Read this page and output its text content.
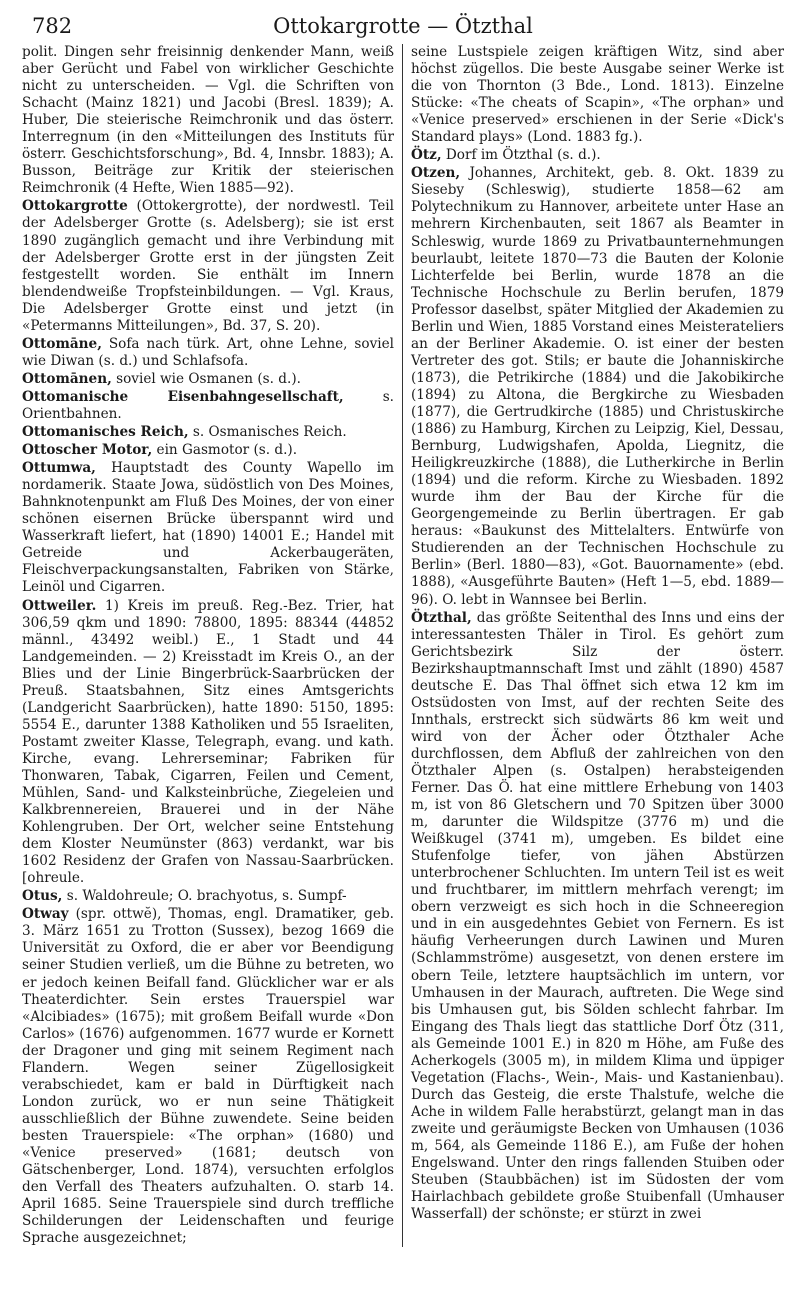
782	Ottokargrotte — Ötzthal

polit. Dingen sehr freisinnig denkender Mann, weiß aber Gerücht und Fabel von wirklicher Geschichte nicht zu unterscheiden. — Vgl. die Schriften von Schacht (Mainz 1821) und Jacobi (Bresl. 1839); A. Huber, Die steierische Reimchronik und das österr. Interregnum (in den «Mitteilungen des Instituts für österr. Geschichtsforschung», Bd. 4, Innsbr. 1883); A. Busson, Beiträge zur Kritik der steierischen Reimchronik (4 Hefte, Wien 1885—92).

Ottokargrotte (Ottokergrotte), der nordwestl. Teil der Adelsberger Grotte (s. Adelsberg); sie ist erst 1890 zugänglich gemacht und ihre Verbindung mit der Adelsberger Grotte erst in der jüngsten Zeit festgestellt worden. Sie enthält im Innern blendendweiße Tropfsteinbildungen. — Vgl. Kraus, Die Adelsberger Grotte einst und jetzt (in «Petermanns Mitteilungen», Bd. 37, S. 20).

Ottomāne, Sofa nach türk. Art, ohne Lehne, soviel wie Diwan (s. d.) und Schlafsofa.

Ottomānen, soviel wie Osmanen (s. d.).

Ottomanische Eisenbahngesellschaft, s. Orientbahnen.

Ottomanisches Reich, s. Osmanisches Reich.

Ottoscher Motor, ein Gasmotor (s. d.).

Ottumwa, Hauptstadt des County Wapello im nordamerik. Staate Jowa, südöstlich von Des Moines, Bahnknotenpunkt am Fluß Des Moines, der von einer schönen eisernen Brücke überspannt wird und Wasserkraft liefert, hat (1890) 14001 E.; Handel mit Getreide und Ackerbaugeräten, Fleischverpackungsanstalten, Fabriken von Stärke, Leinöl und Cigarren.

Ottweiler. 1) Kreis im preuß. Reg.-Bez. Trier, hat 306,59 qkm und 1890: 78800, 1895: 88344 (44852 männl., 43492 weibl.) E., 1 Stadt und 44 Landgemeinden. — 2) Kreisstadt im Kreis O., an der Blies und der Linie Bingerbrück-Saarbrücken der Preuß. Staatsbahnen, Sitz eines Amtsgerichts (Landgericht Saarbrücken), hatte 1890: 5150, 1895: 5554 E., darunter 1388 Katholiken und 55 Israeliten, Postamt zweiter Klasse, Telegraph, evang. und kath. Kirche, evang. Lehrerseminar; Fabriken für Thonwaren, Tabak, Cigarren, Feilen und Cement, Mühlen, Sand- und Kalksteinbrüche, Ziegeleien und Kalkbrennereien, Brauerei und in der Nähe Kohlengruben. Der Ort, welcher seine Entstehung dem Kloster Neumünster (863) verdankt, war bis 1602 Residenz der Grafen von Nassau-Saarbrücken. [ohreule.

Otus, s. Waldohreule; O. brachyotus, s. Sumpf-

Otway (spr. ottwĕ), Thomas, engl. Dramatiker, geb. 3. März 1651 zu Trotton (Sussex), bezog 1669 die Universität zu Oxford, die er aber vor Beendigung seiner Studien verließ, um die Bühne zu betreten, wo er jedoch keinen Beifall fand. Glücklicher war er als Theaterdichter. Sein erstes Trauerspiel war «Alcibiades» (1675); mit großem Beifall wurde «Don Carlos» (1676) aufgenommen. 1677 wurde er Kornett der Dragoner und ging mit seinem Regiment nach Flandern. Wegen seiner Zügellosigkeit verabschiedet, kam er bald in Dürftigkeit nach London zurück, wo er nun seine Thätigkeit ausschließlich der Bühne zuwendete. Seine beiden besten Trauerspiele: «The orphan» (1680) und «Venice preserved» (1681; deutsch von Gätschenberger, Lond. 1874), versuchten erfolglos den Verfall des Theaters aufzuhalten. O. starb 14. April 1685. Seine Trauerspiele sind durch treffliche Schilderungen der Leidenschaften und feurige Sprache ausgezeichnet;

seine Lustspiele zeigen kräftigen Witz, sind aber höchst zügellos. Die beste Ausgabe seiner Werke ist die von Thornton (3 Bde., Lond. 1813). Einzelne Stücke: «The cheats of Scapin», «The orphan» und «Venice preserved» erschienen in der Serie «Dick's Standard plays» (Lond. 1883 fg.).

Ötz, Dorf im Ötzthal (s. d.).

Otzen, Johannes, Architekt, geb. 8. Okt. 1839 zu Sieseby (Schleswig), studierte 1858—62 am Polytechnikum zu Hannover, arbeitete unter Hase an mehrern Kirchenbauten, seit 1867 als Beamter in Schleswig, wurde 1869 zu Privatbaunternehmungen beurlaubt, leitete 1870—73 die Bauten der Kolonie Lichterfelde bei Berlin, wurde 1878 an die Technische Hochschule zu Berlin berufen, 1879 Professor daselbst, später Mitglied der Akademien zu Berlin und Wien, 1885 Vorstand eines Meisterateliers an der Berliner Akademie. O. ist einer der besten Vertreter des got. Stils; er baute die Johanniskirche (1873), die Petrikirche (1884) und die Jakobikirche (1894) zu Altona, die Bergkirche zu Wiesbaden (1877), die Gertrudkirche (1885) und Christuskirche (1886) zu Hamburg, Kirchen zu Leipzig, Kiel, Dessau, Bernburg, Ludwigshafen, Apolda, Liegnitz, die Heiligkreuzkirche (1888), die Lutherkirche in Berlin (1894) und die reform. Kirche zu Wiesbaden. 1892 wurde ihm der Bau der Kirche für die Georgengemeinde zu Berlin übertragen. Er gab heraus: «Baukunst des Mittelalters. Entwürfe von Studierenden an der Technischen Hochschule zu Berlin» (Berl. 1880—83), «Got. Bauornamente» (ebd. 1888), «Ausgeführte Bauten» (Heft 1—5, ebd. 1889—96). O. lebt in Wannsee bei Berlin.

Ötzthal, das größte Seitenthal des Inns und eins der interessantesten Thäler in Tirol. Es gehört zum Gerichtsbezirk Silz der österr. Bezirkshauptmannschaft Imst und zählt (1890) 4587 deutsche E. Das Thal öffnet sich etwa 12 km im Ostsüdosten von Imst, auf der rechten Seite des Innthals, erstreckt sich südwärts 86 km weit und wird von der Ächer oder Ötzthaler Ache durchflossen, dem Abfluß der zahlreichen von den Ötzthaler Alpen (s. Ostalpen) herabsteigenden Ferner. Das Ö. hat eine mittlere Erhebung von 1403 m, ist von 86 Gletschern und 70 Spitzen über 3000 m, darunter die Wildspitze (3776 m) und die Weißkugel (3741 m), umgeben. Es bildet eine Stufenfolge tiefer, von jähen Abstürzen unterbrochener Schluchten. Im untern Teil ist es weit und fruchtbarer, im mittlern mehrfach verengt; im obern verzweigt es sich hoch in die Schneeregion und in ein ausgedehntes Gebiet von Fernern. Es ist häufig Verheerungen durch Lawinen und Muren (Schlammströme) ausgesetzt, von denen erstere im obern Teile, letztere hauptsächlich im untern, vor Umhausen in der Maurach, auftreten. Die Wege sind bis Umhausen gut, bis Sölden schlecht fahrbar. Im Eingang des Thals liegt das stattliche Dorf Ötz (311, als Gemeinde 1001 E.) in 820 m Höhe, am Fuße des Acherkogels (3005 m), in mildem Klima und üppiger Vegetation (Flachs-, Wein-, Mais- und Kastanienbau). Durch das Gesteig, die erste Thalstufe, welche die Ache in wildem Falle herabstürzt, gelangt man in das zweite und geräumigste Becken von Umhausen (1036 m, 564, als Gemeinde 1186 E.), am Fuße der hohen Engelswand. Unter den rings fallenden Stuiben oder Steuben (Staubbächen) ist im Südosten der vom Hairlachbach gebildete große Stuibenfall (Umhauser Wasserfall) der schönste; er stürzt in zwei
